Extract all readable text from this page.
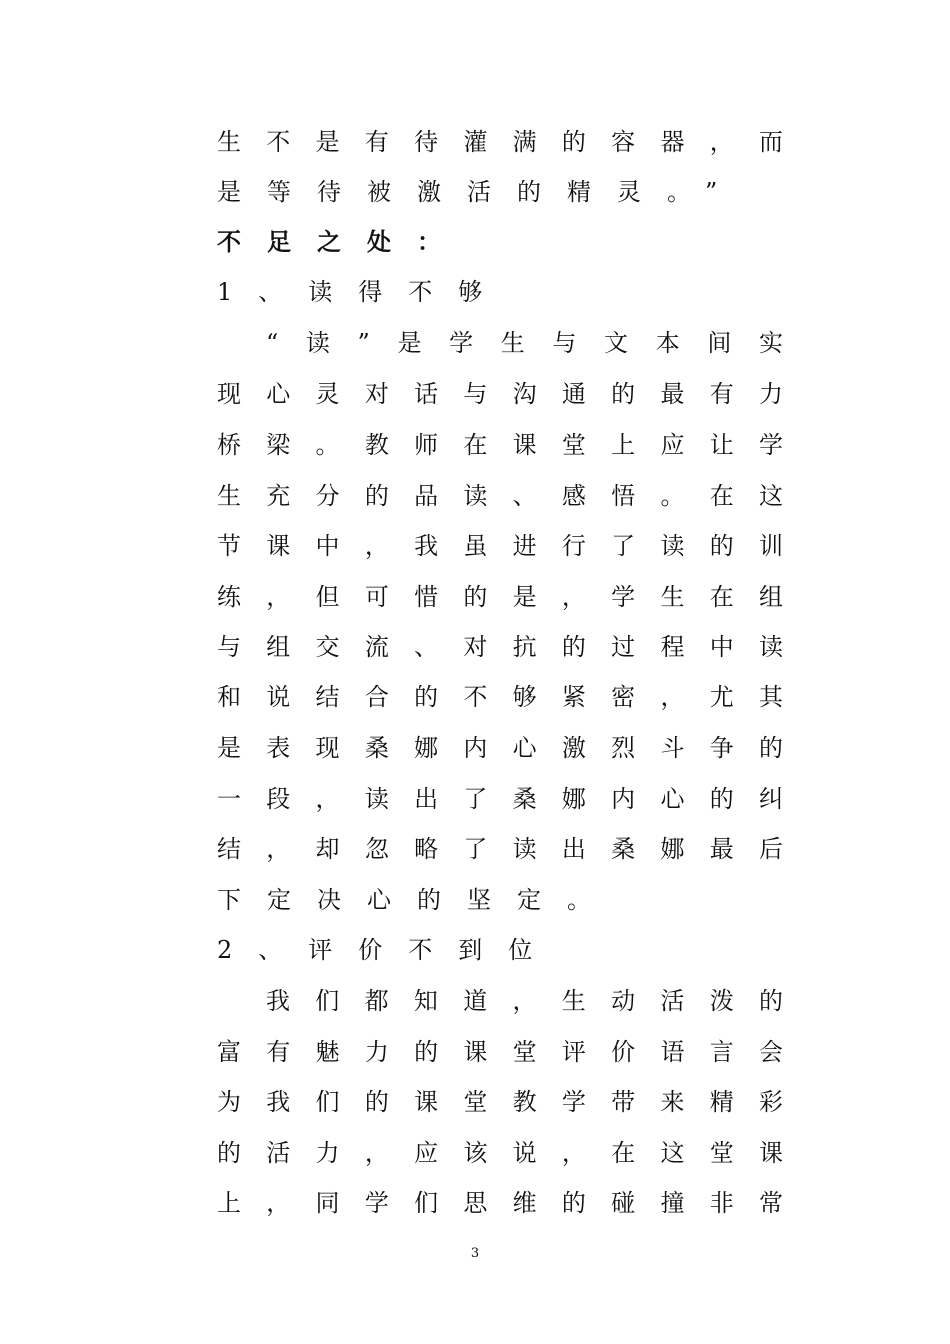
生不是有待灌满的容器，而
是等待被激活的精灵。”
不足之处：
1、读得不够
“读”是学生与文本间实
现心灵对话与沟通的最有力
桥梁。教师在课堂上应让学
生充分的品读、感悟。在这
节课中，我虽进行了读的训
练，但可惜的是，学生在组
与组交流、对抗的过程中读
和说结合的不够紧密，尤其
是表现桑娜内心激烈斗争的
一段，读出了桑娜内心的纠
结，却忽略了读出桑娜最后
下定决心的坚定。
2、评价不到位
我们都知道，生动活泼的
富有魅力的课堂评价语言会
为我们的课堂教学带来精彩
的活力，应该说，在这堂课
上，同学们思维的碰撞非常
3
